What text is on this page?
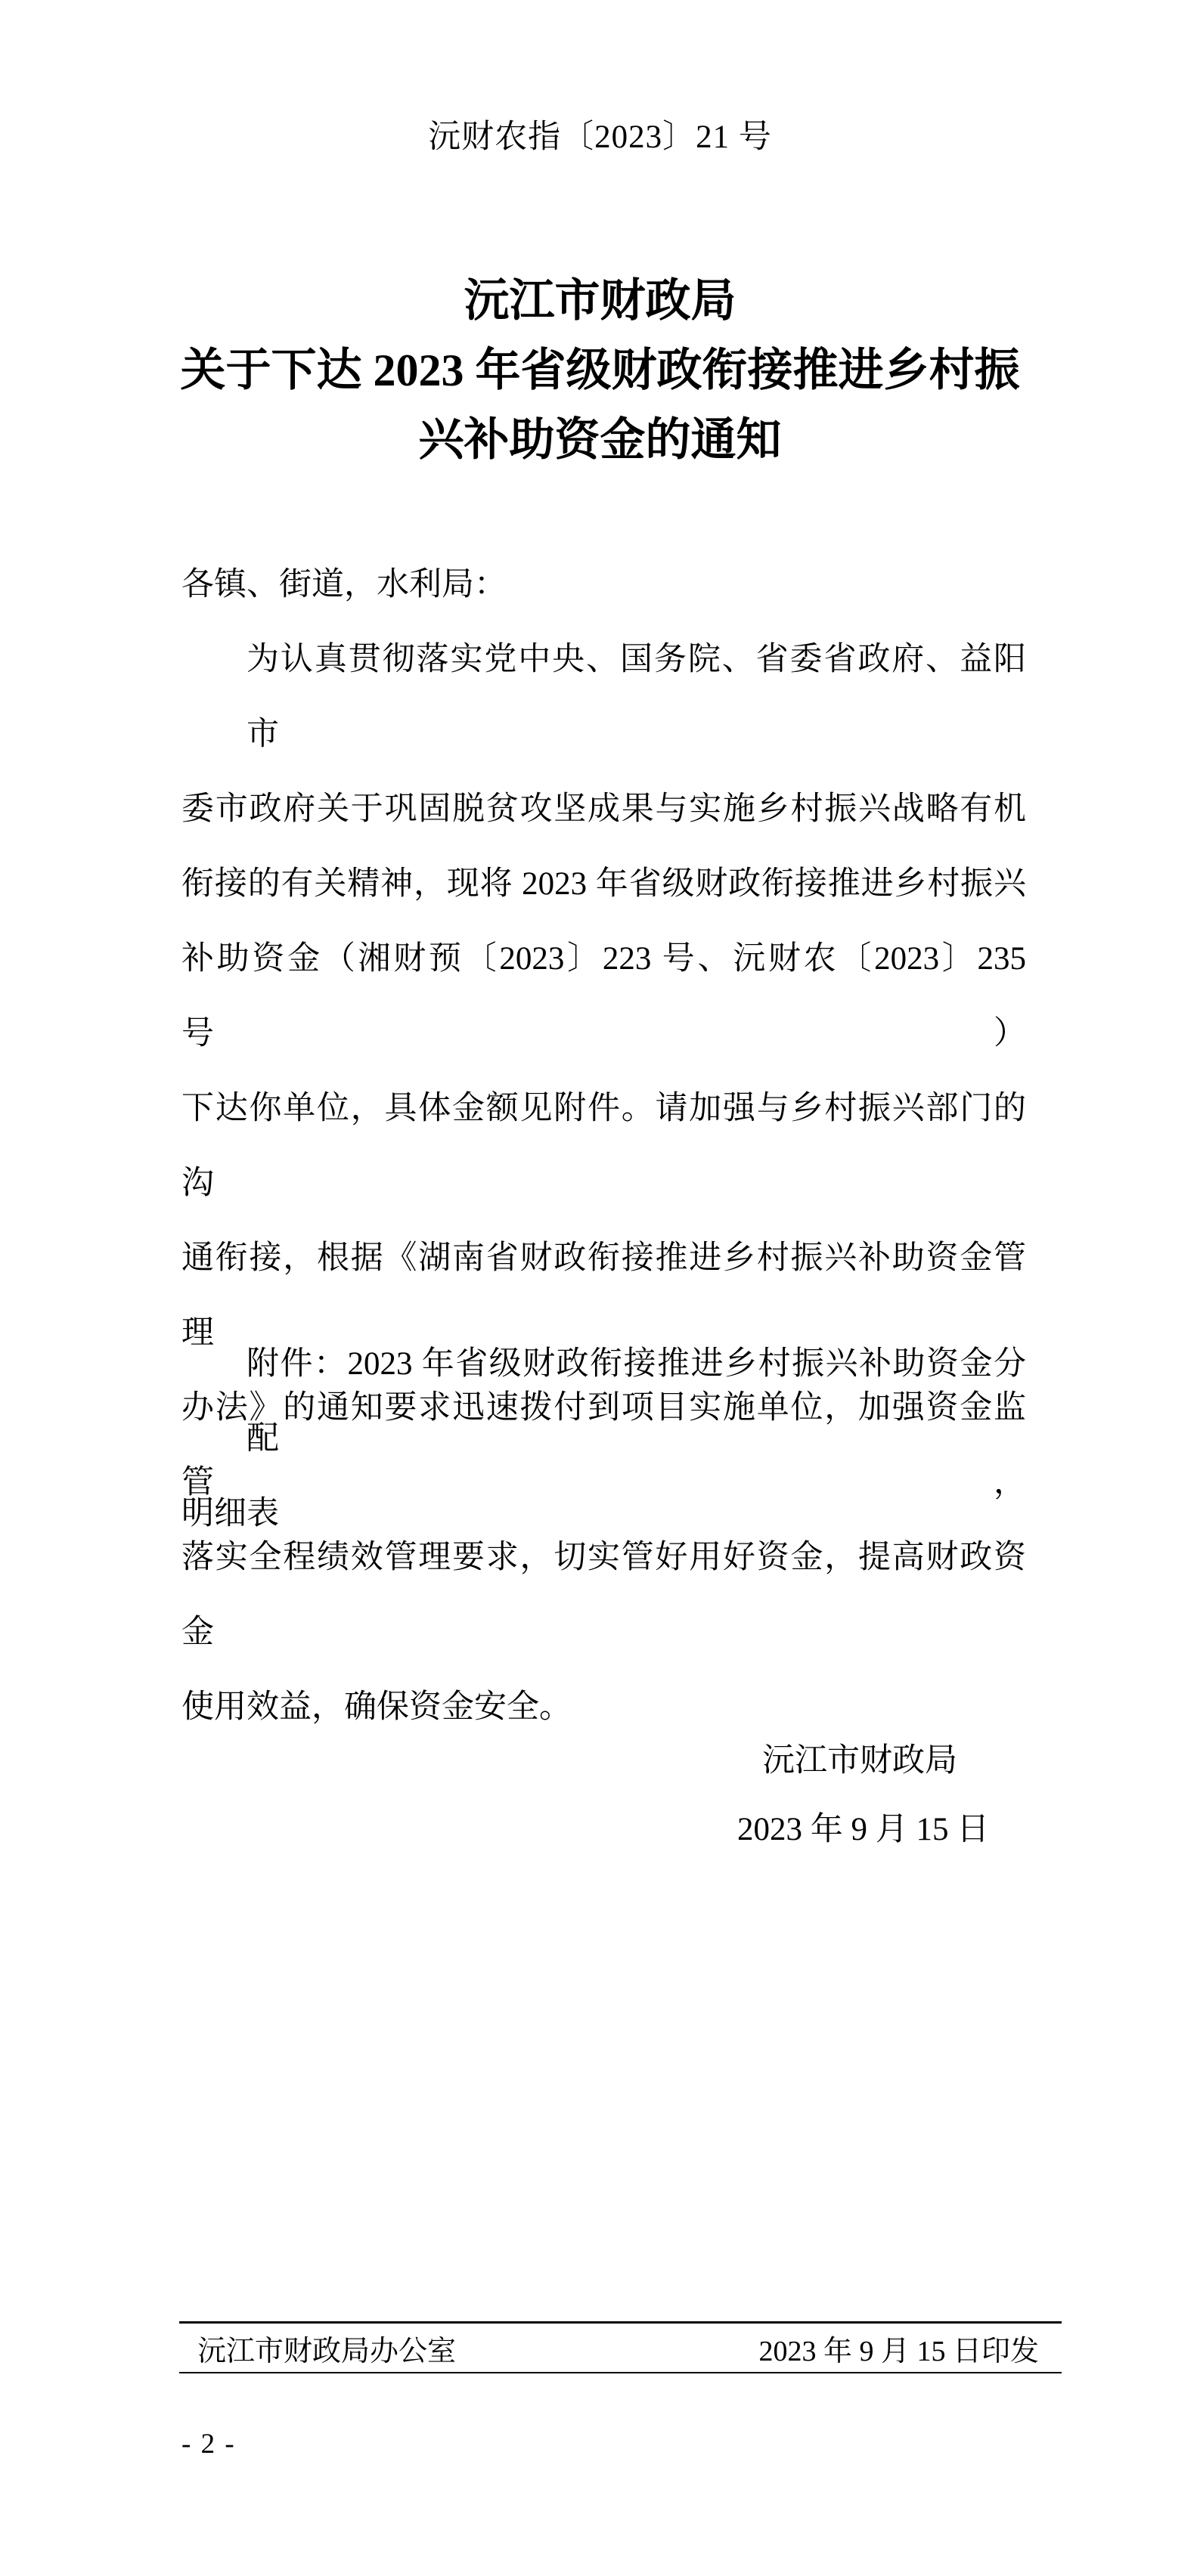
沅财农指〔2023〕21 号
沅江市财政局
关于下达 2023 年省级财政衔接推进乡村振
兴补助资金的通知
各镇、街道，水利局：
为认真贯彻落实党中央、国务院、省委省政府、益阳市
委市政府关于巩固脱贫攻坚成果与实施乡村振兴战略有机
衔接的有关精神，现将 2023 年省级财政衔接推进乡村振兴
补助资金（湘财预〔2023〕223 号、沅财农〔2023〕235 号）
下达你单位，具体金额见附件。请加强与乡村振兴部门的沟
通衔接，根据《湖南省财政衔接推进乡村振兴补助资金管理
办法》的通知要求迅速拨付到项目实施单位，加强资金监管，
落实全程绩效管理要求，切实管好用好资金，提高财政资金
使用效益，确保资金安全。
附件：2023 年省级财政衔接推进乡村振兴补助资金分配
明细表
沅江市财政局
2023 年 9 月 15 日
沅江市财政局办公室	2023 年 9 月 15 日印发
- 2 -
